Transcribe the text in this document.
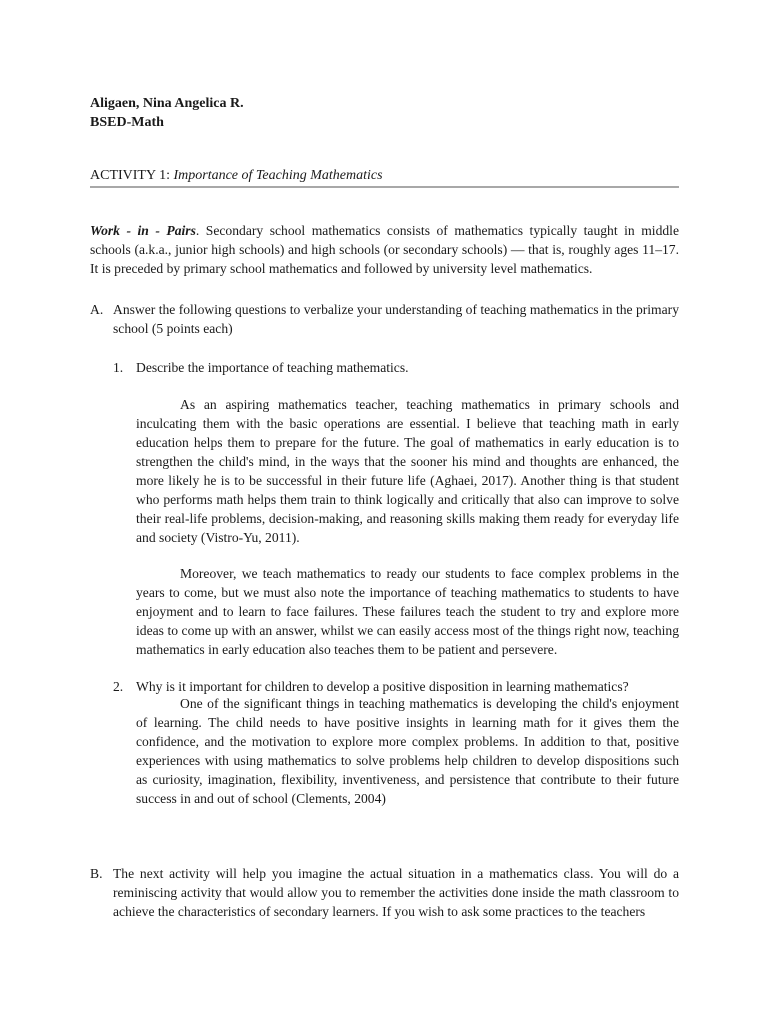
Aligaen, Nina Angelica R.
BSED-Math
ACTIVITY 1: Importance of Teaching Mathematics

Work - in - Pairs. Secondary school mathematics consists of mathematics typically taught in middle schools (a.k.a., junior high schools) and high schools (or secondary schools) — that is, roughly ages 11–17. It is preceded by primary school mathematics and followed by university level mathematics.

A. Answer the following questions to verbalize your understanding of teaching mathematics in the primary school (5 points each)

1. Describe the importance of teaching mathematics.

As an aspiring mathematics teacher, teaching mathematics in primary schools and inculcating them with the basic operations are essential. I believe that teaching math in early education helps them to prepare for the future. The goal of mathematics in early education is to strengthen the child's mind, in the ways that the sooner his mind and thoughts are enhanced, the more likely he is to be successful in their future life (Aghaei, 2017). Another thing is that student who performs math helps them train to think logically and critically that also can improve to solve their real-life problems, decision-making, and reasoning skills making them ready for everyday life and society (Vistro-Yu, 2011).

Moreover, we teach mathematics to ready our students to face complex problems in the years to come, but we must also note the importance of teaching mathematics to students to have enjoyment and to learn to face failures. These failures teach the student to try and explore more ideas to come up with an answer, whilst we can easily access most of the things right now, teaching mathematics in early education also teaches them to be patient and persevere.

2. Why is it important for children to develop a positive disposition in learning mathematics?

One of the significant things in teaching mathematics is developing the child's enjoyment of learning. The child needs to have positive insights in learning math for it gives them the confidence, and the motivation to explore more complex problems. In addition to that, positive experiences with using mathematics to solve problems help children to develop dispositions such as curiosity, imagination, flexibility, inventiveness, and persistence that contribute to their future success in and out of school (Clements, 2004)

B. The next activity will help you imagine the actual situation in a mathematics class. You will do a reminiscing activity that would allow you to remember the activities done inside the math classroom to achieve the characteristics of secondary learners. If you wish to ask some practices to the teachers
